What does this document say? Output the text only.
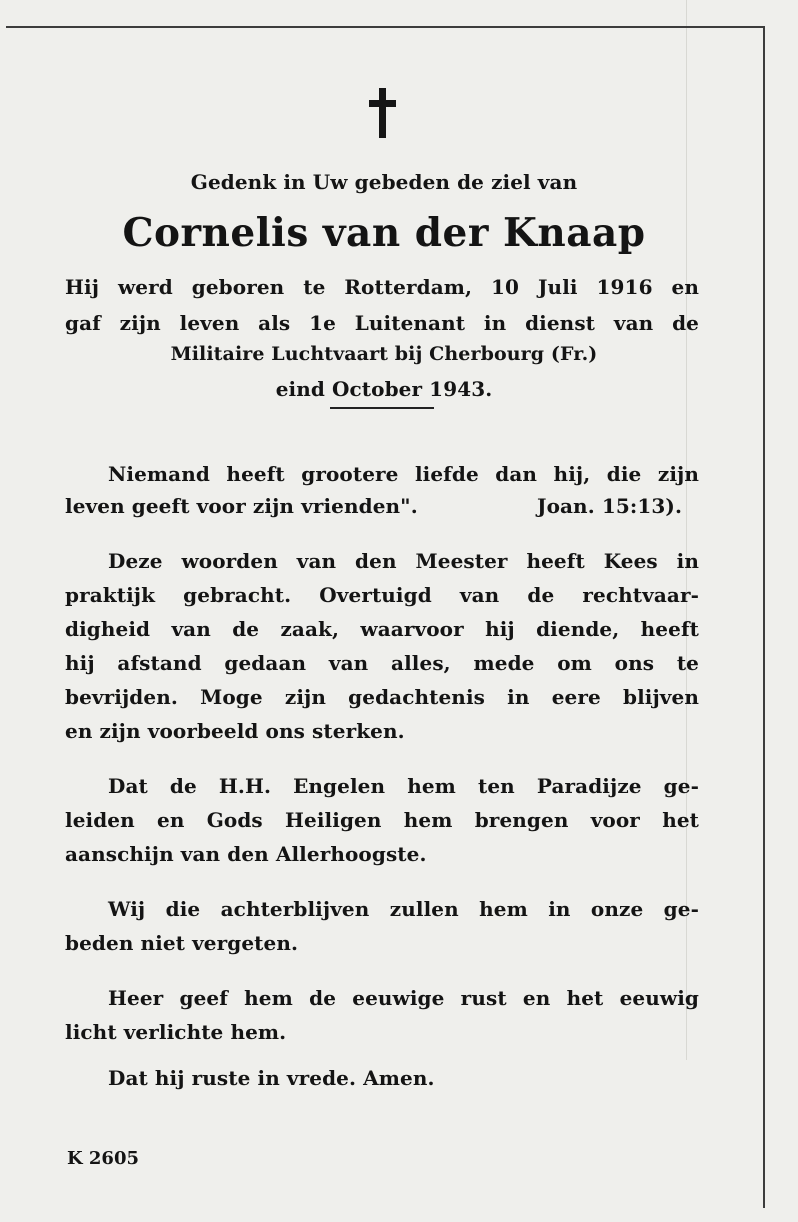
Gedenk in Uw gebeden de ziel van
Cornelis van der Knaap
Hij werd geboren te Rotterdam, 10 Juli 1916 en
gaf zijn leven als 1e Luitenant in dienst van de
Militaire Luchtvaart bij Cherbourg (Fr.)
eind October 1943.
Niemand heeft grootere liefde dan hij, die zijn
leven geeft voor zijn vrienden".	Joan. 15:13).
Deze woorden van den Meester heeft Kees in
praktijk gebracht. Overtuigd van de rechtvaar-
digheid van de zaak, waarvoor hij diende, heeft
hij afstand gedaan van alles, mede om ons te
bevrijden. Moge zijn gedachtenis in eere blijven
en zijn voorbeeld ons sterken.
Dat de H.H. Engelen hem ten Paradijze ge-
leiden en Gods Heiligen hem brengen voor het
aanschijn van den Allerhoogste.
Wij die achterblijven zullen hem in onze ge-
beden niet vergeten.
Heer geef hem de eeuwige rust en het eeuwig
licht verlichte hem.
Dat hij ruste in vrede. Amen.
K 2605
